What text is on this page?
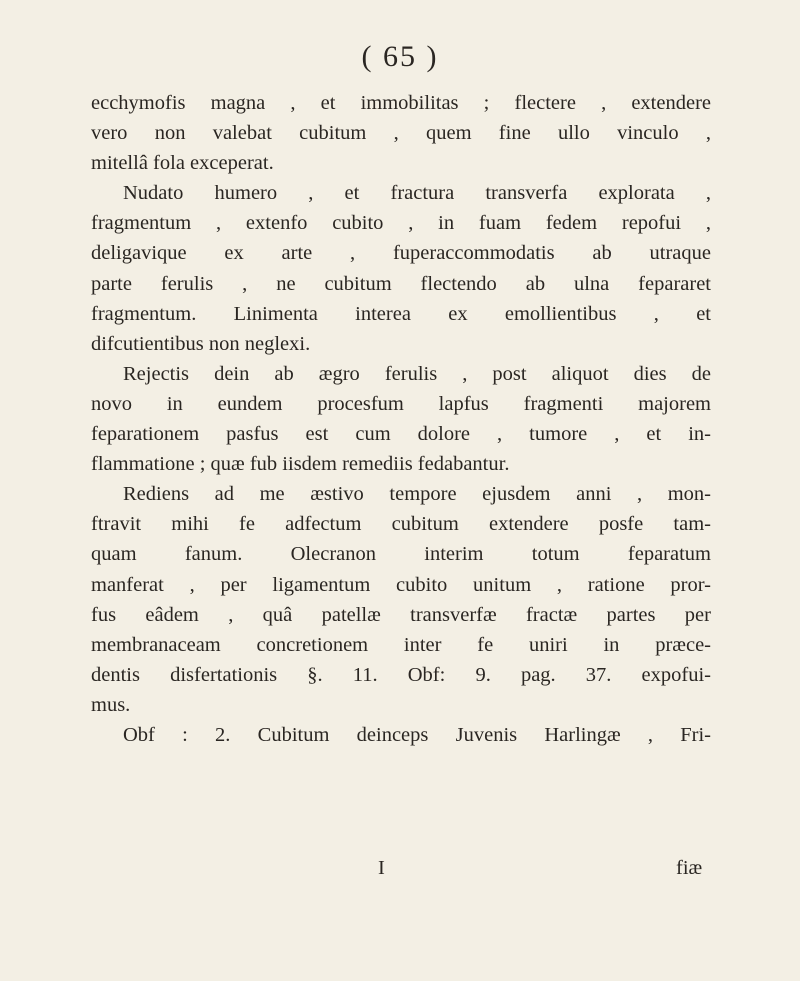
( 65 )
ecchymofis magna , et immobilitas ; flectere , extendere
vero non valebat cubitum , quem fine ullo vinculo ,
mitellâ fola exceperat.
Nudato humero , et fractura transverfa explorata ,
fragmentum , extenfo cubito , in fuam fedem repofui ,
deligavique ex arte , fuperaccommodatis ab utraque
parte ferulis , ne cubitum flectendo ab ulna fepararet
fragmentum. Linimenta interea ex emollientibus , et
difcutientibus non neglexi.
Rejectis dein ab ægro ferulis , post aliquot dies de
novo in eundem procesfum lapfus fragmenti majorem
feparationem pasfus est cum dolore , tumore , et in-
flammatione ; quæ fub iisdem remediis fedabantur.
Rediens ad me æstivo tempore ejusdem anni , mon-
ftravit mihi fe adfectum cubitum extendere posfe tam-
quam fanum. Olecranon interim totum feparatum
manferat , per ligamentum cubito unitum , ratione pror-
fus eâdem , quâ patellæ transverfæ fractæ partes per
membranaceam concretionem inter fe uniri in præce-
dentis disfertationis §. 11. Obf: 9. pag. 37. expofui-
mus.
Obf : 2. Cubitum deinceps Juvenis Harlingæ , Fri-
I	fiæ
